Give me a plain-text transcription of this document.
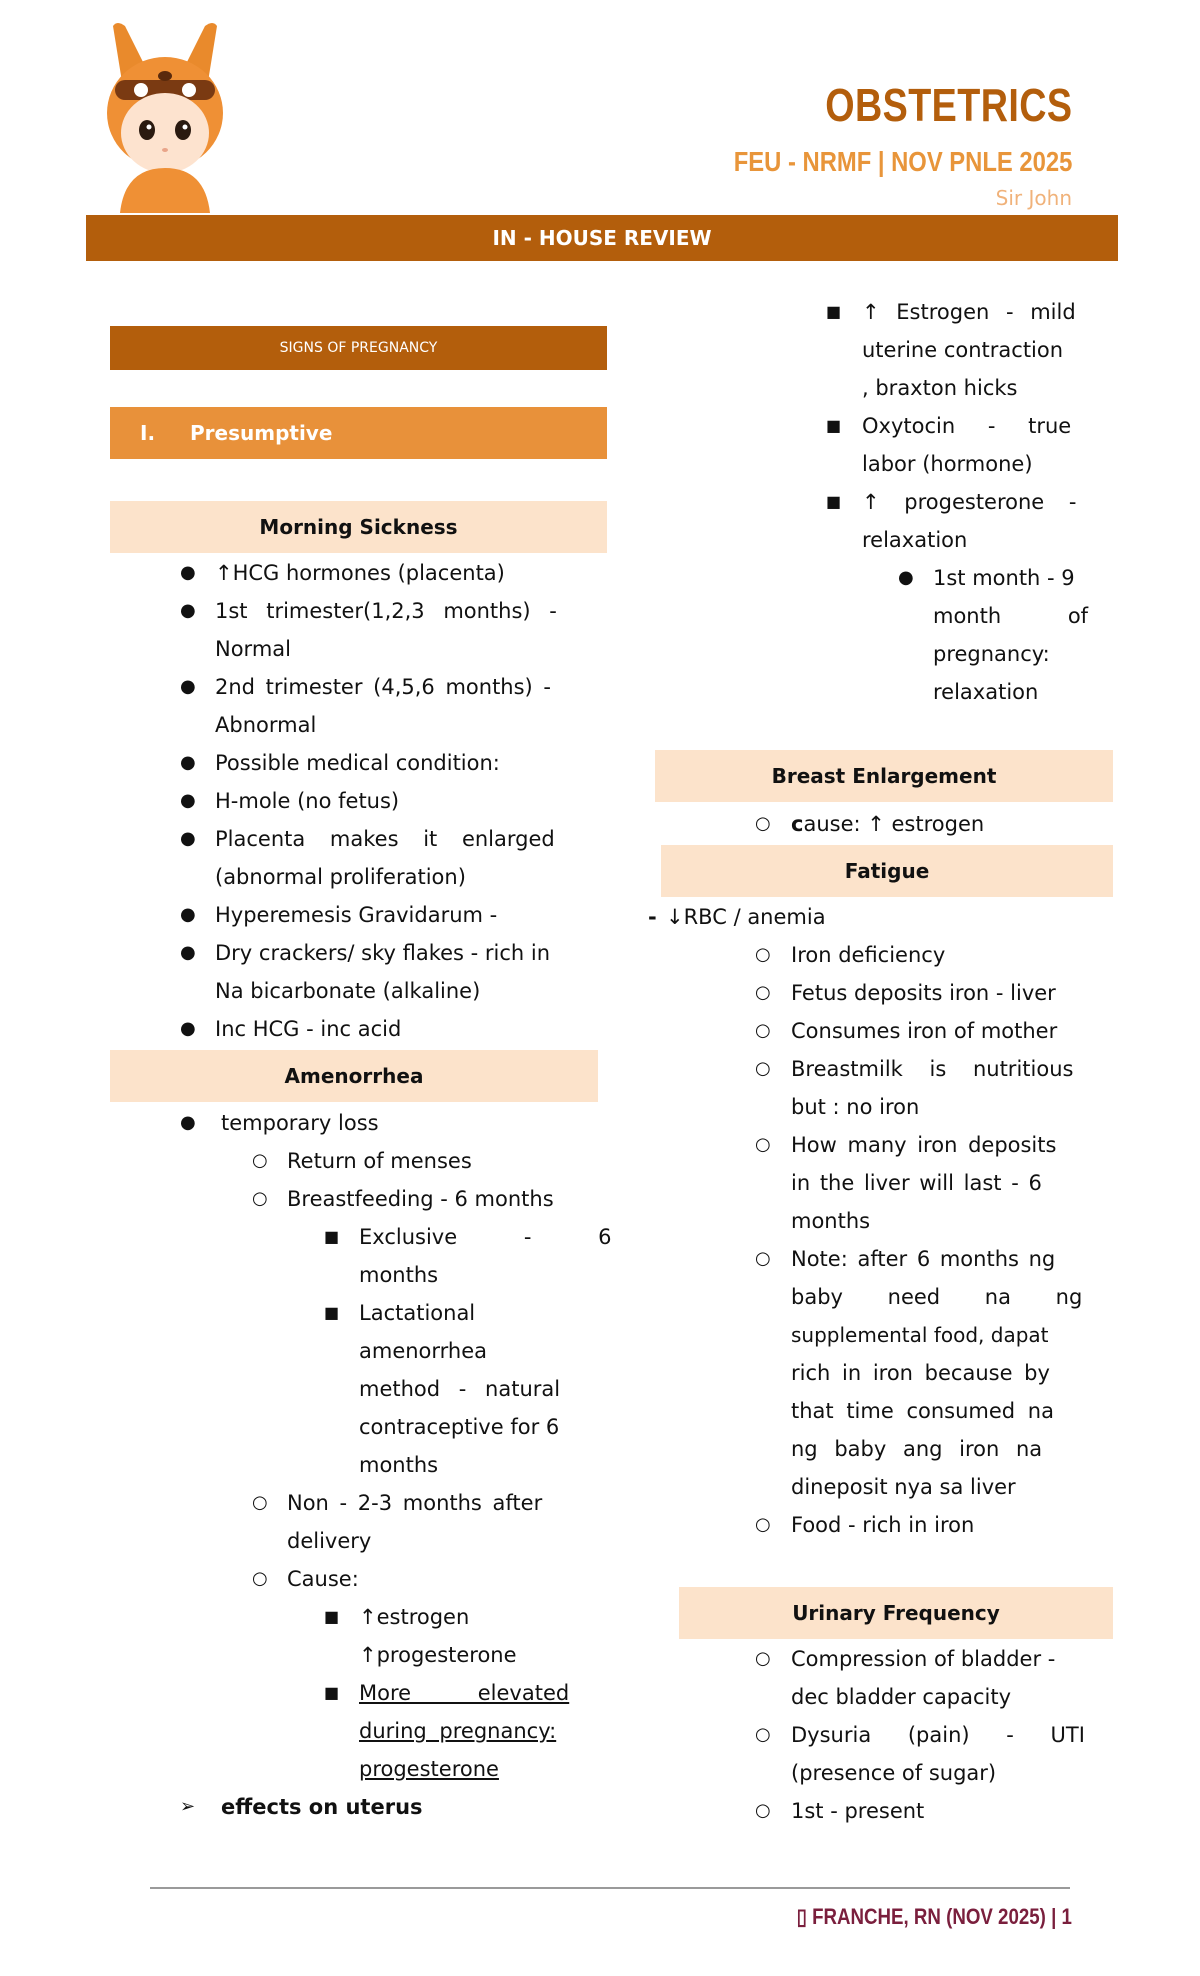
OBSTETRICS
FEU - NRMF | NOV PNLE 2025
Sir John
IN - HOUSE REVIEW
SIGNS OF PREGNANCY
I. Presumptive
Morning Sickness
● ↑HCG hormones (placenta)
● 1st trimester(1,2,3 months) -
Normal
● 2nd trimester (4,5,6 months) -
Abnormal
● Possible medical condition:
● H-mole (no fetus)
● Placenta makes it enlarged
(abnormal proliferation)
● Hyperemesis Gravidarum -
● Dry crackers/ sky flakes - rich in
Na bicarbonate (alkaline)
● Inc HCG - inc acid
Amenorrhea
● temporary loss
○ Return of menses
○ Breastfeeding - 6 months
■ Exclusive - 6
months
■ Lactational
amenorrhea
method - natural
contraceptive for 6
months
○ Non - 2-3 months after
delivery
○ Cause:
■ ↑estrogen
↑progesterone
■ More elevated
during pregnancy:
progesterone
➢ effects on uterus
■ ↑ Estrogen - mild
uterine contraction
, braxton hicks
■ Oxytocin - true
labor (hormone)
■ ↑ progesterone -
relaxation
● 1st month - 9
month of
pregnancy:
relaxation
Breast Enlargement
○ cause: ↑ estrogen
Fatigue
- ↓RBC / anemia
○ Iron deficiency
○ Fetus deposits iron - liver
○ Consumes iron of mother
○ Breastmilk is nutritious
but : no iron
○ How many iron deposits
in the liver will last - 6
months
○ Note: after 6 months ng
baby need na ng
supplemental food, dapat
rich in iron because by
that time consumed na
ng baby ang iron na
dineposit nya sa liver
○ Food - rich in iron
Urinary Frequency
○ Compression of bladder -
dec bladder capacity
○ Dysuria (pain) - UTI
(presence of sugar)
○ 1st - present
▯ FRANCHE, RN (NOV 2025) | 1
